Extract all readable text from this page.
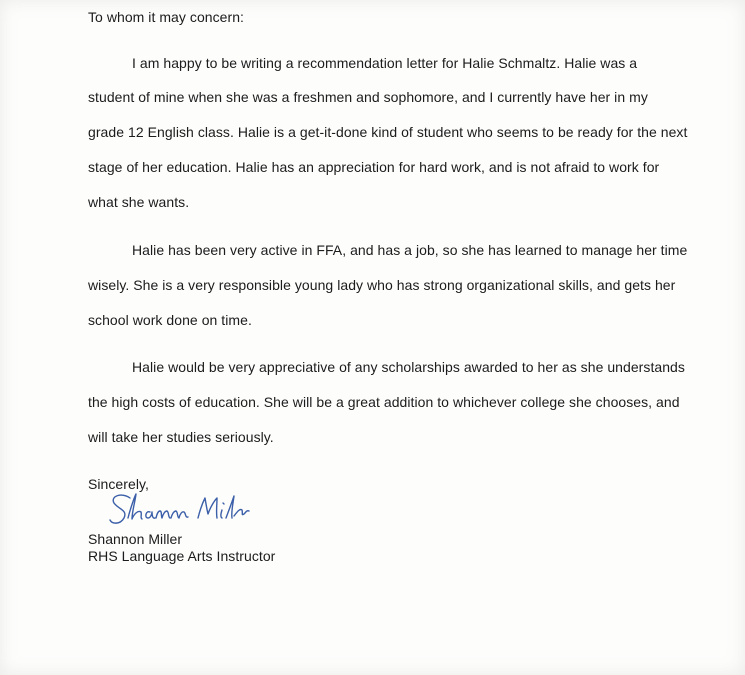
To whom it may concern:
I am happy to be writing a recommendation letter for Halie Schmaltz. Halie was a
student of mine when she was a freshmen and sophomore, and I currently have her in my
grade 12 English class. Halie is a get-it-done kind of student who seems to be ready for the next
stage of her education. Halie has an appreciation for hard work, and is not afraid to work for
what she wants.
Halie has been very active in FFA, and has a job, so she has learned to manage her time
wisely. She is a very responsible young lady who has strong organizational skills, and gets her
school work done on time.
Halie would be very appreciative of any scholarships awarded to her as she understands
the high costs of education. She will be a great addition to whichever college she chooses, and
will take her studies seriously.
Sincerely,
Shannon Miller
RHS Language Arts Instructor
